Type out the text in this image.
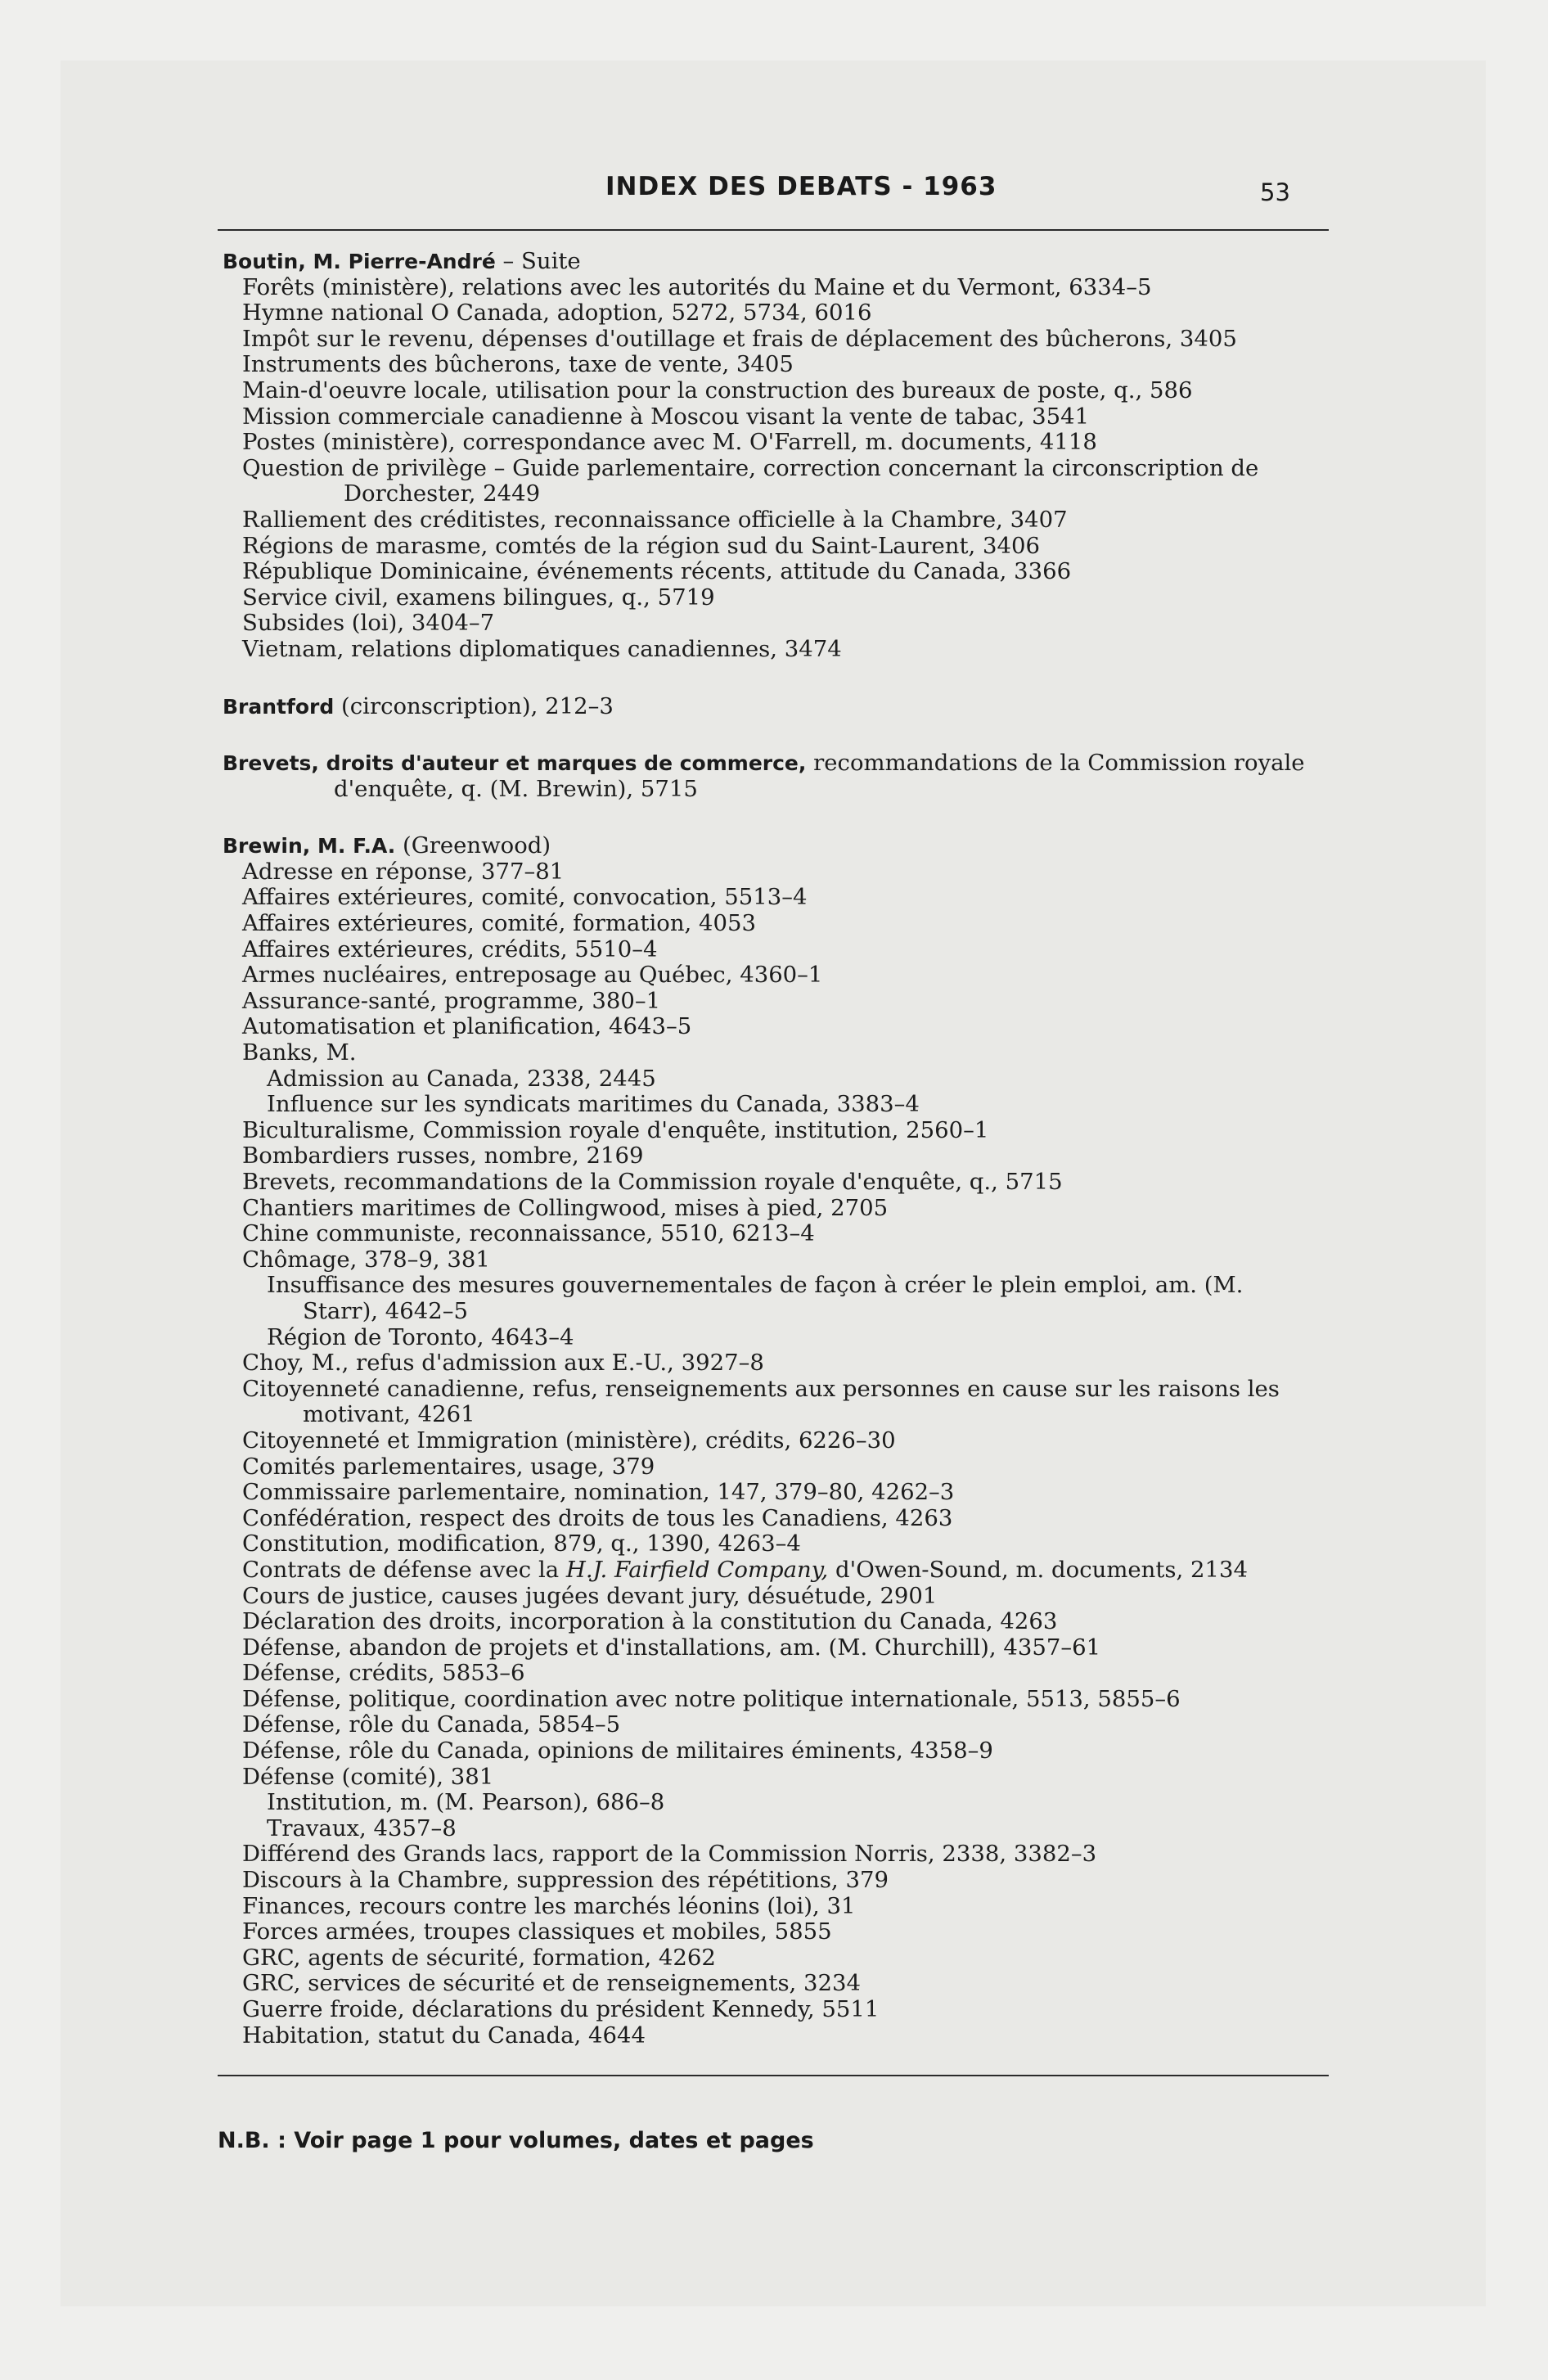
INDEX DES DEBATS - 1963	53
Boutin, M. Pierre-André – Suite
Forêts (ministère), relations avec les autorités du Maine et du Vermont, 6334–5
Hymne national O Canada, adoption, 5272, 5734, 6016
Impôt sur le revenu, dépenses d'outillage et frais de déplacement des bûcherons, 3405
Instruments des bûcherons, taxe de vente, 3405
Main-d'oeuvre locale, utilisation pour la construction des bureaux de poste, q., 586
Mission commerciale canadienne à Moscou visant la vente de tabac, 3541
Postes (ministère), correspondance avec M. O'Farrell, m. documents, 4118
Question de privilège – Guide parlementaire, correction concernant la circonscription de
Dorchester, 2449
Ralliement des créditistes, reconnaissance officielle à la Chambre, 3407
Régions de marasme, comtés de la région sud du Saint-Laurent, 3406
République Dominicaine, événements récents, attitude du Canada, 3366
Service civil, examens bilingues, q., 5719
Subsides (loi), 3404–7
Vietnam, relations diplomatiques canadiennes, 3474
Brantford (circonscription), 212–3
Brevets, droits d'auteur et marques de commerce, recommandations de la Commission royale
d'enquête, q. (M. Brewin), 5715
Brewin, M. F.A. (Greenwood)
Adresse en réponse, 377–81
Affaires extérieures, comité, convocation, 5513–4
Affaires extérieures, comité, formation, 4053
Affaires extérieures, crédits, 5510–4
Armes nucléaires, entreposage au Québec, 4360–1
Assurance-santé, programme, 380–1
Automatisation et planification, 4643–5
Banks, M.
Admission au Canada, 2338, 2445
Influence sur les syndicats maritimes du Canada, 3383–4
Biculturalisme, Commission royale d'enquête, institution, 2560–1
Bombardiers russes, nombre, 2169
Brevets, recommandations de la Commission royale d'enquête, q., 5715
Chantiers maritimes de Collingwood, mises à pied, 2705
Chine communiste, reconnaissance, 5510, 6213–4
Chômage, 378–9, 381
Insuffisance des mesures gouvernementales de façon à créer le plein emploi, am. (M.
Starr), 4642–5
Région de Toronto, 4643–4
Choy, M., refus d'admission aux E.-U., 3927–8
Citoyenneté canadienne, refus, renseignements aux personnes en cause sur les raisons les
motivant, 4261
Citoyenneté et Immigration (ministère), crédits, 6226–30
Comités parlementaires, usage, 379
Commissaire parlementaire, nomination, 147, 379–80, 4262–3
Confédération, respect des droits de tous les Canadiens, 4263
Constitution, modification, 879, q., 1390, 4263–4
Contrats de défense avec la H.J. Fairfield Company, d'Owen-Sound, m. documents, 2134
Cours de justice, causes jugées devant jury, désuétude, 2901
Déclaration des droits, incorporation à la constitution du Canada, 4263
Défense, abandon de projets et d'installations, am. (M. Churchill), 4357–61
Défense, crédits, 5853–6
Défense, politique, coordination avec notre politique internationale, 5513, 5855–6
Défense, rôle du Canada, 5854–5
Défense, rôle du Canada, opinions de militaires éminents, 4358–9
Défense (comité), 381
Institution, m. (M. Pearson), 686–8
Travaux, 4357–8
Différend des Grands lacs, rapport de la Commission Norris, 2338, 3382–3
Discours à la Chambre, suppression des répétitions, 379
Finances, recours contre les marchés léonins (loi), 31
Forces armées, troupes classiques et mobiles, 5855
GRC, agents de sécurité, formation, 4262
GRC, services de sécurité et de renseignements, 3234
Guerre froide, déclarations du président Kennedy, 5511
Habitation, statut du Canada, 4644
N.B. : Voir page 1 pour volumes, dates et pages
